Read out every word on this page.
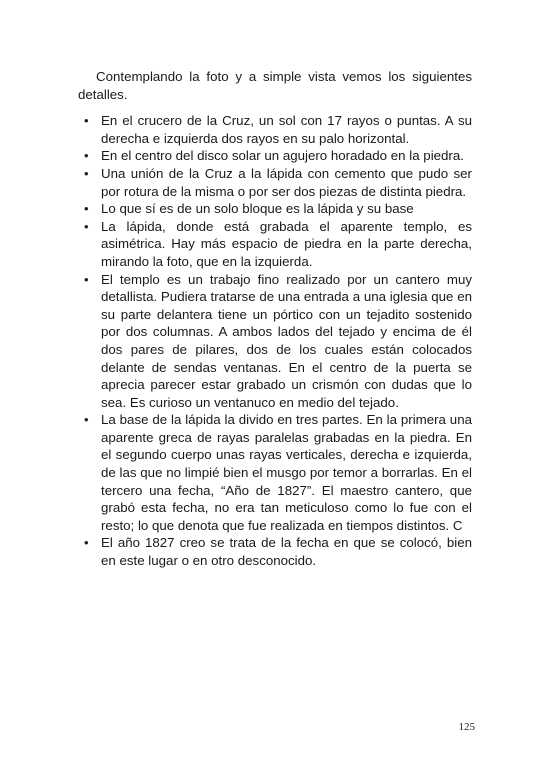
Contemplando la foto y a simple vista vemos los siguientes detalles.

• En el crucero de la Cruz, un sol con 17 rayos o puntas. A su derecha e izquierda dos rayos en su palo horizontal.
• En el centro del disco solar un agujero horadado en la piedra.
• Una unión de la Cruz a la lápida con cemento que pudo ser por rotura de la misma o por ser dos piezas de distinta piedra.
• Lo que sí es de un solo bloque es la lápida y su base
• La lápida, donde está grabada el aparente templo, es asimétrica. Hay más espacio de piedra en la parte derecha, mirando la foto, que en la izquierda.
• El templo es un trabajo fino realizado por un cantero muy detallista. Pudiera tratarse de una entrada a una iglesia que en su parte delantera tiene un pórtico con un tejadito sostenido por dos columnas. A ambos lados del tejado y encima de él dos pares de pilares, dos de los cuales están colocados delante de sendas ventanas. En el centro de la puerta se aprecia parecer estar grabado un crismón con dudas que lo sea. Es curioso un ventanuco en medio del tejado.
• La base de la lápida la divido en tres partes. En la primera una aparente greca de rayas paralelas grabadas en la piedra. En el segundo cuerpo unas rayas verticales, derecha e izquierda, de las que no limpié bien el musgo por temor a borrarlas. En el tercero una fecha, “Año de 1827”. El maestro cantero, que grabó esta fecha, no era tan meticuloso como lo fue con el resto; lo que denota que fue realizada en tiempos distintos. C
• El año 1827 creo se trata de la fecha en que se colocó, bien en este lugar o en otro desconocido.
125
